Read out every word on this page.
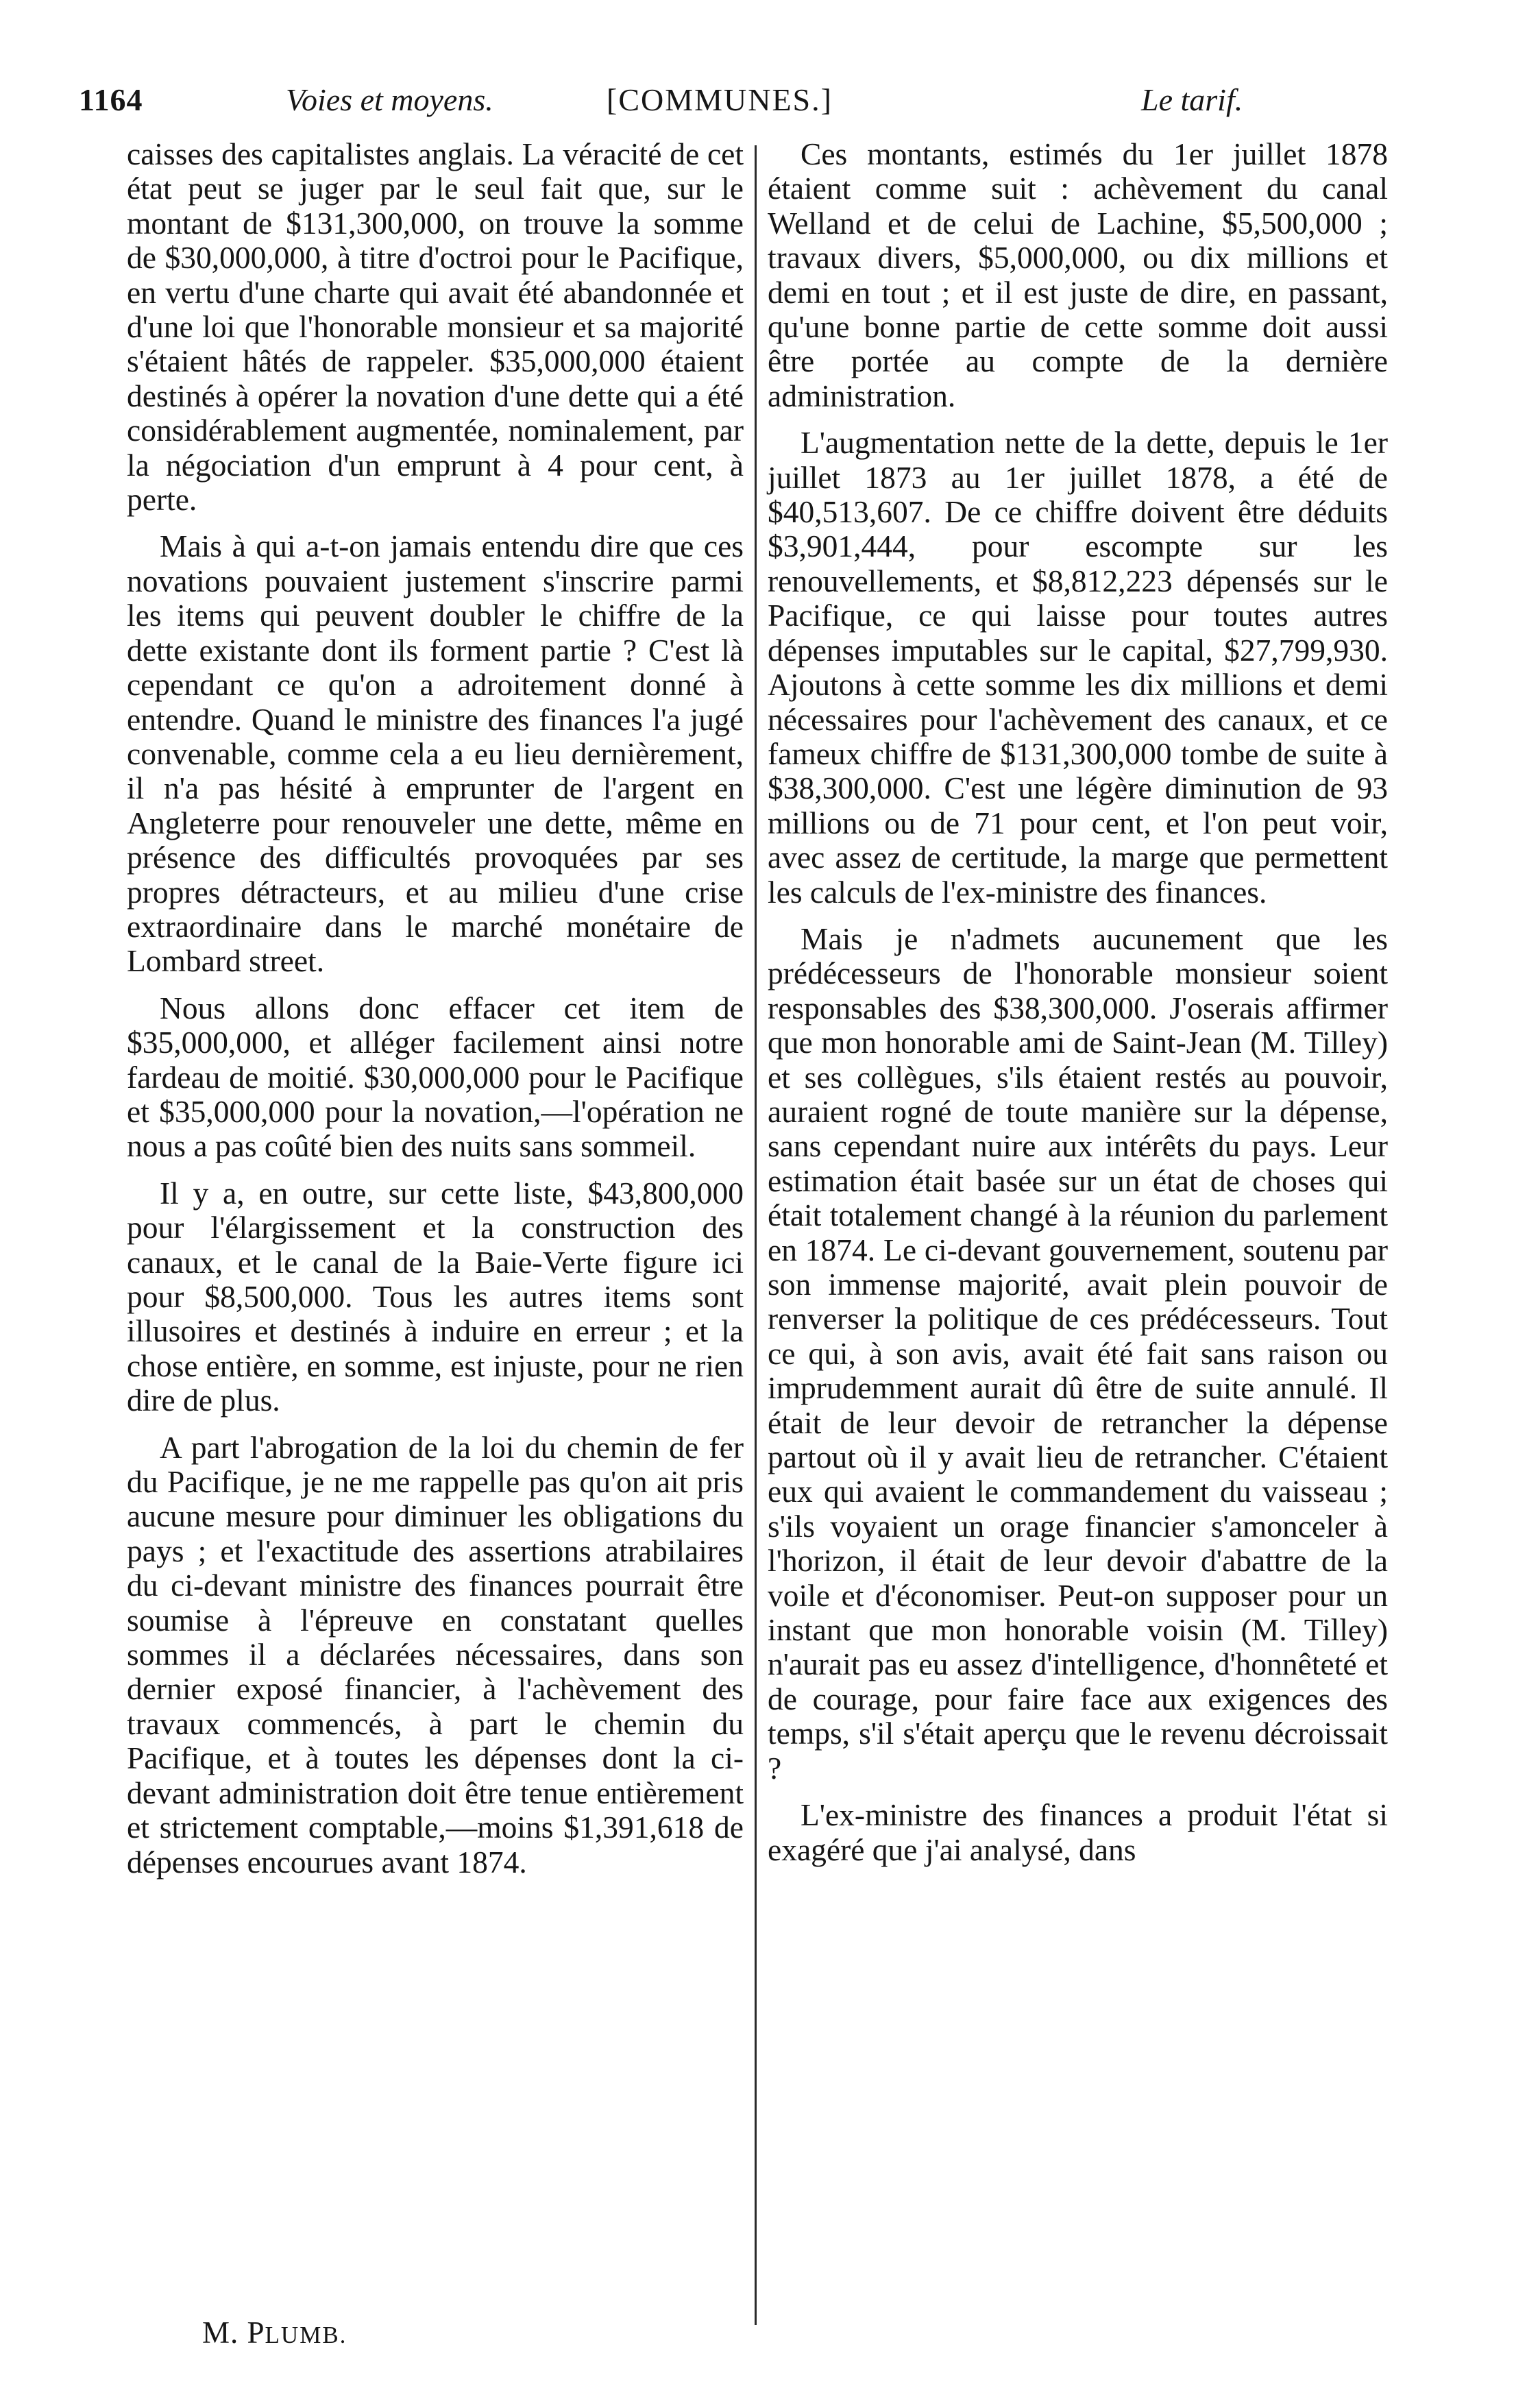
1164	Voies et moyens.	[COMMUNES.]	Le tarif.

caisses des capitalistes anglais. La véracité de cet état peut se juger par le seul fait que, sur le montant de $131,300,000, on trouve la somme de $30,000,000, à titre d'octroi pour le Pacifique, en vertu d'une charte qui avait été abandonnée et d'une loi que l'honorable monsieur et sa majorité s'étaient hâtés de rappeler. $35,000,000 étaient destinés à opérer la novation d'une dette qui a été considérablement augmentée, nominalement, par la négociation d'un emprunt à 4 pour cent, à perte.

Mais à qui a-t-on jamais entendu dire que ces novations pouvaient justement s'inscrire parmi les items qui peuvent doubler le chiffre de la dette existante dont ils forment partie ? C'est là cependant ce qu'on a adroitement donné à entendre. Quand le ministre des finances l'a jugé convenable, comme cela a eu lieu dernièrement, il n'a pas hésité à emprunter de l'argent en Angleterre pour renouveler une dette, même en présence des difficultés provoquées par ses propres détracteurs, et au milieu d'une crise extraordinaire dans le marché monétaire de Lombard street.

Nous allons donc effacer cet item de $35,000,000, et alléger facilement ainsi notre fardeau de moitié. $30,000,000 pour le Pacifique et $35,000,000 pour la novation,—l'opération ne nous a pas coûté bien des nuits sans sommeil.

Il y a, en outre, sur cette liste, $43,800,000 pour l'élargissement et la construction des canaux, et le canal de la Baie-Verte figure ici pour $8,500,000. Tous les autres items sont illusoires et destinés à induire en erreur ; et la chose entière, en somme, est injuste, pour ne rien dire de plus.

A part l'abrogation de la loi du chemin de fer du Pacifique, je ne me rappelle pas qu'on ait pris aucune mesure pour diminuer les obligations du pays ; et l'exactitude des assertions atrabilaires du ci-devant ministre des finances pourrait être soumise à l'épreuve en constatant quelles sommes il a déclarées nécessaires, dans son dernier exposé financier, à l'achèvement des travaux commencés, à part le chemin du Pacifique, et à toutes les dépenses dont la ci-devant administration doit être tenue entièrement et strictement comptable,—moins $1,391,618 de dépenses encourues avant 1874.

Ces montants, estimés du 1er juillet 1878 étaient comme suit : achèvement du canal Welland et de celui de Lachine, $5,500,000 ; travaux divers, $5,000,000, ou dix millions et demi en tout ; et il est juste de dire, en passant, qu'une bonne partie de cette somme doit aussi être portée au compte de la dernière administration.

L'augmentation nette de la dette, depuis le 1er juillet 1873 au 1er juillet 1878, a été de $40,513,607. De ce chiffre doivent être déduits $3,901,444, pour escompte sur les renouvellements, et $8,812,223 dépensés sur le Pacifique, ce qui laisse pour toutes autres dépenses imputables sur le capital, $27,799,930. Ajoutons à cette somme les dix millions et demi nécessaires pour l'achèvement des canaux, et ce fameux chiffre de $131,300,000 tombe de suite à $38,300,000. C'est une légère diminution de 93 millions ou de 71 pour cent, et l'on peut voir, avec assez de certitude, la marge que permettent les calculs de l'ex-ministre des finances.

Mais je n'admets aucunement que les prédécesseurs de l'honorable monsieur soient responsables des $38,300,000. J'oserais affirmer que mon honorable ami de Saint-Jean (M. Tilley) et ses collègues, s'ils étaient restés au pouvoir, auraient rogné de toute manière sur la dépense, sans cependant nuire aux intérêts du pays. Leur estimation était basée sur un état de choses qui était totalement changé à la réunion du parlement en 1874. Le ci-devant gouvernement, soutenu par son immense majorité, avait plein pouvoir de renverser la politique de ces prédécesseurs. Tout ce qui, à son avis, avait été fait sans raison ou imprudemment aurait dû être de suite annulé. Il était de leur devoir de retrancher la dépense partout où il y avait lieu de retrancher. C'étaient eux qui avaient le commandement du vaisseau ; s'ils voyaient un orage financier s'amonceler à l'horizon, il était de leur devoir d'abattre de la voile et d'économiser. Peut-on supposer pour un instant que mon honorable voisin (M. Tilley) n'aurait pas eu assez d'intelligence, d'honnêteté et de courage, pour faire face aux exigences des temps, s'il s'était aperçu que le revenu décroissait ?

L'ex-ministre des finances a produit l'état si exagéré que j'ai analysé, dans

M. PLUMB.
